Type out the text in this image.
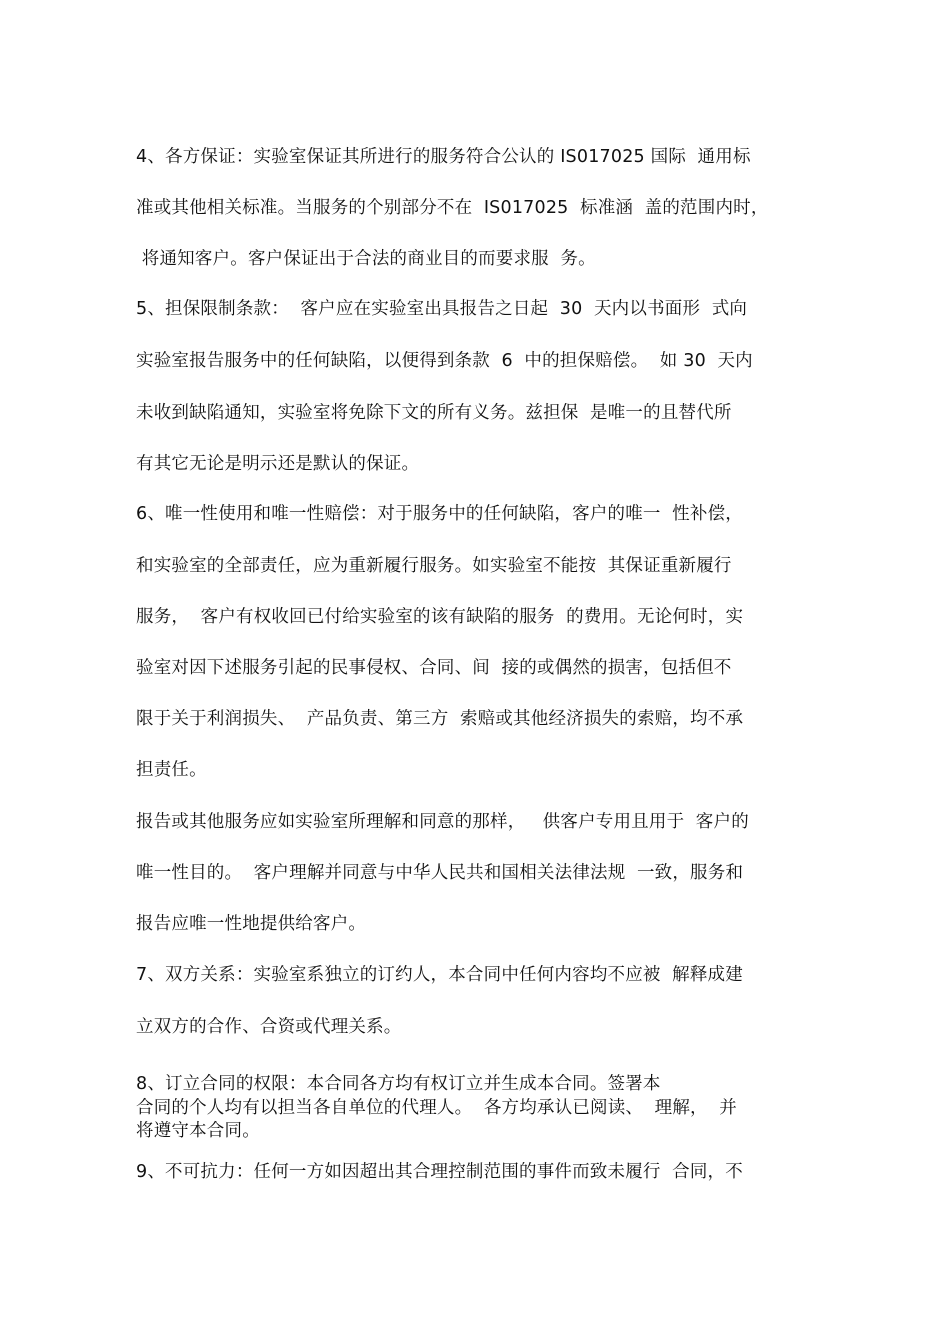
4、各方保证：实验室保证其所进行的服务符合公认的 IS017025 国际  通用标
准或其他相关标准。当服务的个别部分不在  IS017025  标准涵  盖的范围内时，
将通知客户。客户保证出于合法的商业目的而要求服  务。
5、担保限制条款：  客户应在实验室出具报告之日起  30  天内以书面形  式向
实验室报告服务中的任何缺陷，以便得到条款  6  中的担保赔偿。  如 30  天内
未收到缺陷通知，实验室将免除下文的所有义务。兹担保  是唯一的且替代所
有其它无论是明示还是默认的保证。
6、唯一性使用和唯一性赔偿：对于服务中的任何缺陷，客户的唯一  性补偿，
和实验室的全部责任，应为重新履行服务。如实验室不能按  其保证重新履行
服务，  客户有权收回已付给实验室的该有缺陷的服务  的费用。无论何时，实
验室对因下述服务引起的民事侵权、合同、间  接的或偶然的损害，包括但不
限于关于利润损失、  产品负责、第三方  索赔或其他经济损失的索赔，均不承
担责任。
报告或其他服务应如实验室所理解和同意的那样，   供客户专用且用于  客户的
唯一性目的。  客户理解并同意与中华人民共和国相关法律法规  一致，服务和
报告应唯一性地提供给客户。
7、双方关系：实验室系独立的订约人，本合同中任何内容均不应被  解释成建
立双方的合作、合资或代理关系。
8、订立合同的权限：本合同各方均有权订立并生成本合同。签署本
合同的个人均有以担当各自单位的代理人。  各方均承认已阅读、  理解，  并
将遵守本合同。
9、不可抗力：任何一方如因超出其合理控制范围的事件而致未履行  合同，不
